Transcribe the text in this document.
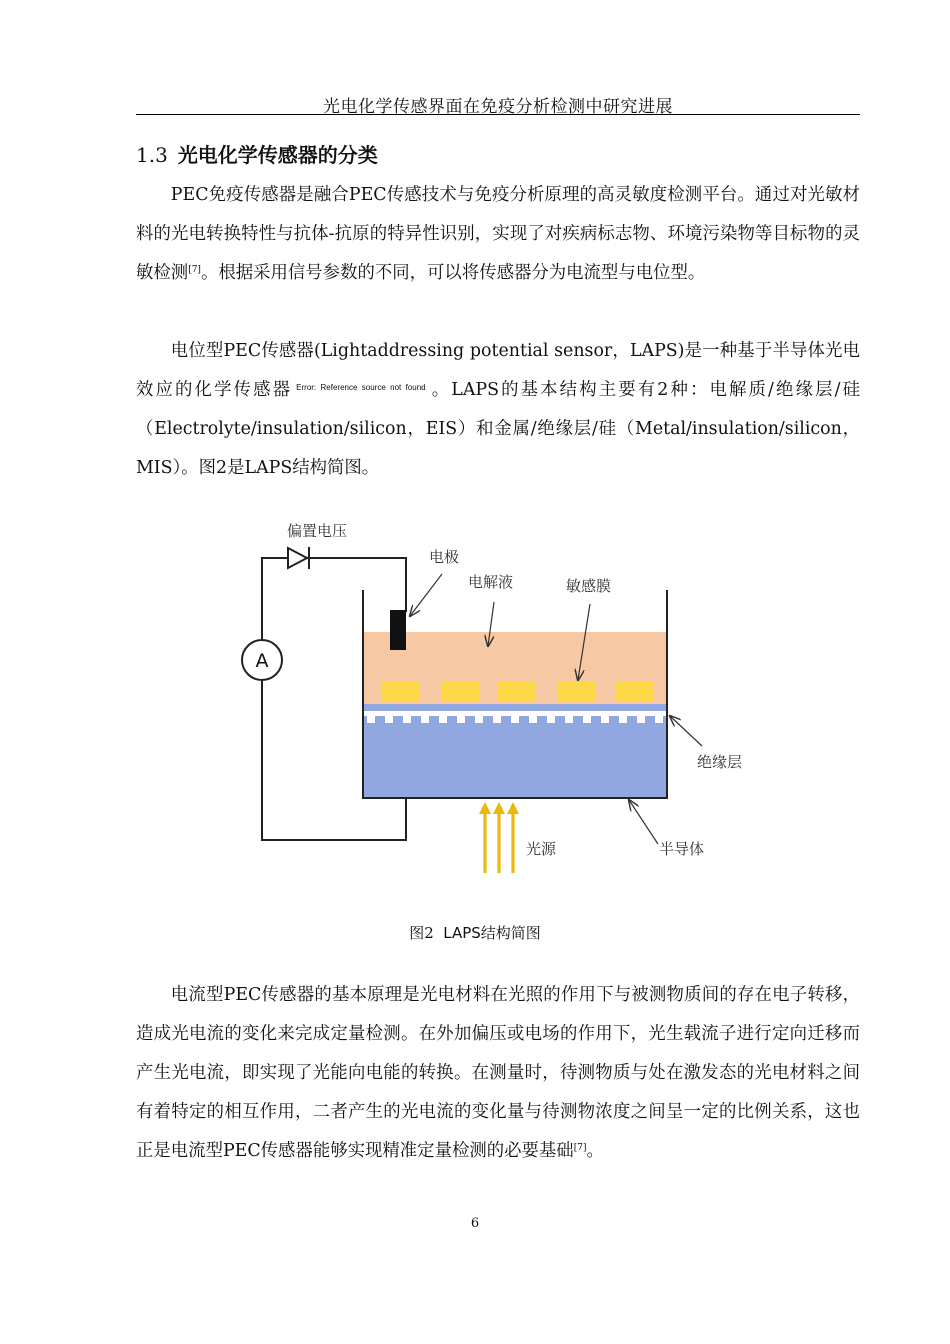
光电化学传感界面在免疫分析检测中研究进展
1.3 光电化学传感器的分类

PEC免疫传感器是融合PEC传感技术与免疫分析原理的高灵敏度检测平台。通过对光敏材料的光电转换特性与抗体-抗原的特异性识别，实现了对疾病标志物、环境污染物等目标物的灵敏检测[7]。根据采用信号参数的不同，可以将传感器分为电流型与电位型。

电位型PEC传感器(Lightaddressing potential sensor，LAPS)是一种基于半导体光电效应的化学传感器 $^{Error: Reference source not found}$ 。LAPS的基本结构主要有2种：电解质/绝缘层/硅（Electrolyte/insulation/silicon，EIS）和金属/绝缘层/硅（Metal/insulation/silicon，MIS）。图2是LAPS结构简图。

A
偏置电压
电极
电解液	敏感膜
绝缘层
光源	半导体
图2 LAPS结构简图

电流型PEC传感器的基本原理是光电材料在光照的作用下与被测物质间的存在电子转移，造成光电流的变化来完成定量检测。在外加偏压或电场的作用下，光生载流子进行定向迁移而产生光电流，即实现了光能向电能的转换。在测量时，待测物质与处在激发态的光电材料之间有着特定的相互作用，二者产生的光电流的变化量与待测物浓度之间呈一定的比例关系，这也正是电流型PEC传感器能够实现精准定量检测的必要基础[7]。

6
